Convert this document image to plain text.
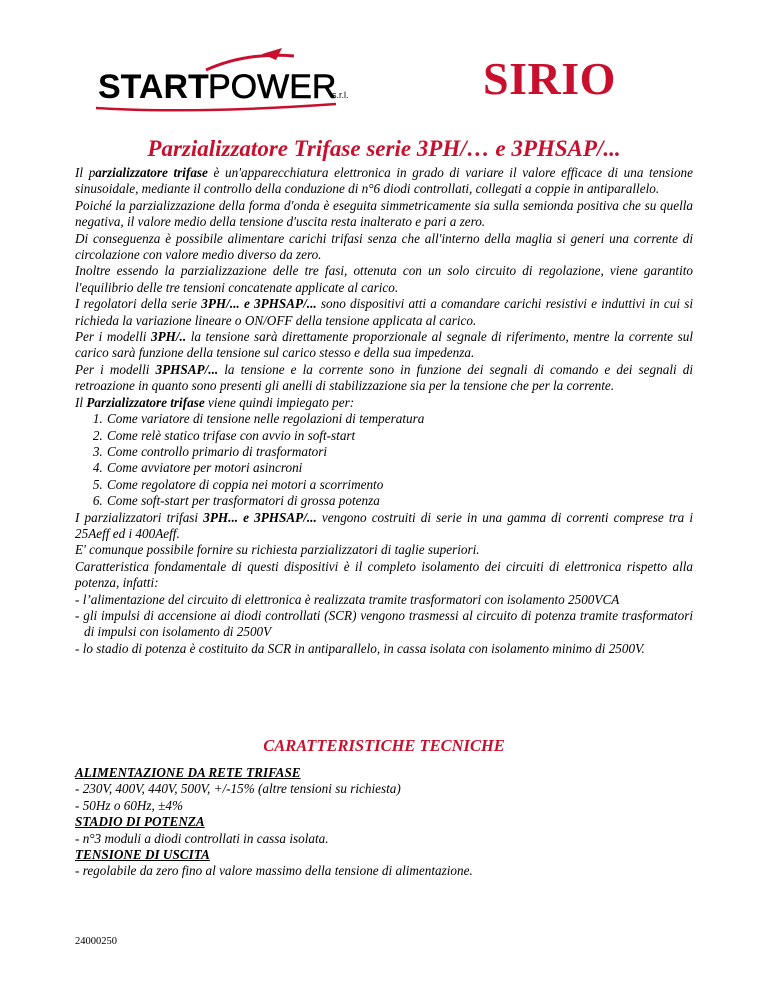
START POWER
s.r.l.	SIRIO
Parzializzatore Trifase serie 3PH/… e 3PHSAP/...

Il parzializzatore trifase è un'apparecchiatura elettronica in grado di variare il valore efficace di una tensione sinusoidale, mediante il controllo della conduzione di n°6 diodi controllati, collegati a coppie in antiparallelo.

Poiché la parzializzazione della forma d'onda è eseguita simmetricamente sia sulla semionda positiva che su quella negativa, il valore medio della tensione d'uscita resta inalterato e pari a zero.

Di conseguenza è possibile alimentare carichi trifasi senza che all'interno della maglia si generi una corrente di circolazione con valore medio diverso da zero.

Inoltre essendo la parzializzazione delle tre fasi, ottenuta con un solo circuito di regolazione, viene garantito l'equilibrio delle tre tensioni concatenate applicate al carico.

I regolatori della serie 3PH/... e 3PHSAP/... sono dispositivi atti a comandare carichi resistivi e induttivi in cui si richieda la variazione lineare o ON/OFF della tensione applicata al carico.

Per i modelli 3PH/.. la tensione sarà direttamente proporzionale al segnale di riferimento, mentre la corrente sul carico sarà funzione della tensione sul carico stesso e della sua impedenza.

Per i modelli 3PHSAP/... la tensione e la corrente sono in funzione dei segnali di comando e dei segnali di retroazione in quanto sono presenti gli anelli di stabilizzazione sia per la tensione che per la corrente.

Il Parzializzatore trifase viene quindi impiegato per:

1. Come variatore di tensione nelle regolazioni di temperatura
2. Come relè statico trifase con avvio in soft-start
3. Come controllo primario di trasformatori
4. Come avviatore per motori asincroni
5. Come regolatore di coppia nei motori a scorrimento
6. Come soft-start per trasformatori di grossa potenza

I parzializzatori trifasi 3PH... e 3PHSAP/... vengono costruiti di serie in una gamma di correnti comprese tra i 25Aeff ed i 400Aeff.

E' comunque possibile fornire su richiesta parzializzatori di taglie superiori.

Caratteristica fondamentale di questi dispositivi è il completo isolamento dei circuiti di elettronica rispetto alla potenza, infatti:

- l’alimentazione del circuito di elettronica è realizzata tramite trasformatori con isolamento 2500VCA

- gli impulsi di accensione ai diodi controllati (SCR) vengono trasmessi al circuito di potenza tramite trasformatori di impulsi con isolamento di 2500V

- lo stadio di potenza è costituito da SCR in antiparallelo, in cassa isolata con isolamento minimo di 2500V.

CARATTERISTICHE TECNICHE

ALIMENTAZIONE DA RETE TRIFASE

- 230V, 400V, 440V, 500V, +/-15% (altre tensioni su richiesta)

- 50Hz o 60Hz, ±4%

STADIO DI POTENZA

- n°3 moduli a diodi controllati in cassa isolata.

TENSIONE DI USCITA

- regolabile da zero fino al valore massimo della tensione di alimentazione.

24000250
